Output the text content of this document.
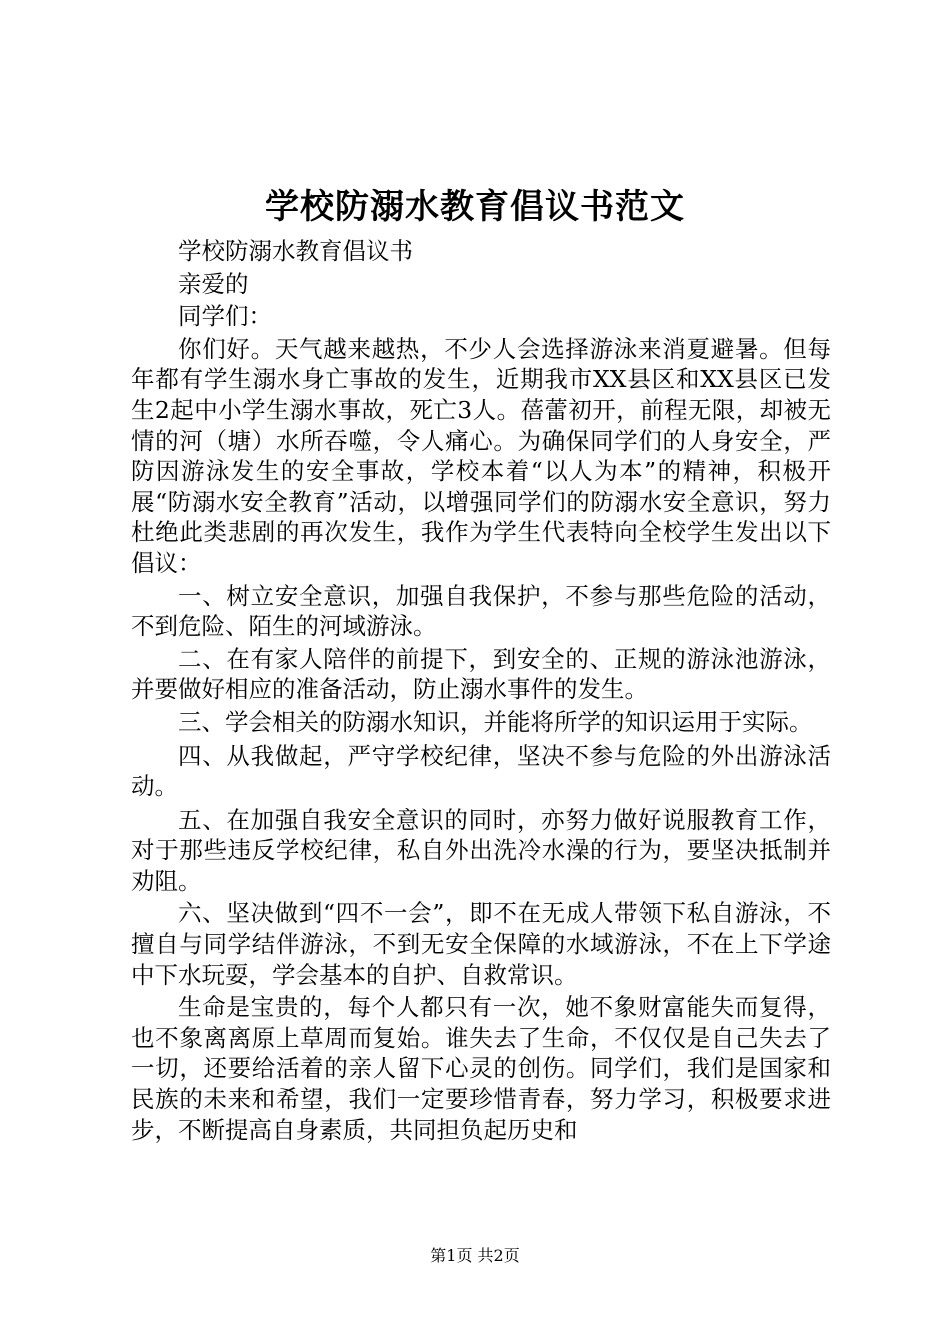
学校防溺水教育倡议书范文

学校防溺水教育倡议书

亲爱的

同学们：

你们好。天气越来越热，不少人会选择游泳来消夏避暑。但每年都有学生溺水身亡事故的发生，近期我市XX县区和XX县区已发生2起中小学生溺水事故，死亡3人。蓓蕾初开，前程无限，却被无情的河（塘）水所吞噬，令人痛心。为确保同学们的人身安全，严防因游泳发生的安全事故，学校本着“以人为本”的精神，积极开展“防溺水安全教育”活动，以增强同学们的防溺水安全意识，努力杜绝此类悲剧的再次发生，我作为学生代表特向全校学生发出以下倡议：

一、树立安全意识，加强自我保护，不参与那些危险的活动，不到危险、陌生的河域游泳。

二、在有家人陪伴的前提下，到安全的、正规的游泳池游泳，并要做好相应的准备活动，防止溺水事件的发生。

三、学会相关的防溺水知识，并能将所学的知识运用于实际。

四、从我做起，严守学校纪律，坚决不参与危险的外出游泳活动。

五、在加强自我安全意识的同时，亦努力做好说服教育工作，对于那些违反学校纪律，私自外出洗冷水澡的行为，要坚决抵制并劝阻。

六、坚决做到“四不一会”，即不在无成人带领下私自游泳，不擅自与同学结伴游泳，不到无安全保障的水域游泳，不在上下学途中下水玩耍，学会基本的自护、自救常识。

生命是宝贵的，每个人都只有一次，她不象财富能失而复得，也不象离离原上草周而复始。谁失去了生命，不仅仅是自己失去了一切，还要给活着的亲人留下心灵的创伤。同学们，我们是国家和民族的未来和希望，我们一定要珍惜青春，努力学习，积极要求进步，不断提高自身素质，共同担负起历史和

第1页 共2页
